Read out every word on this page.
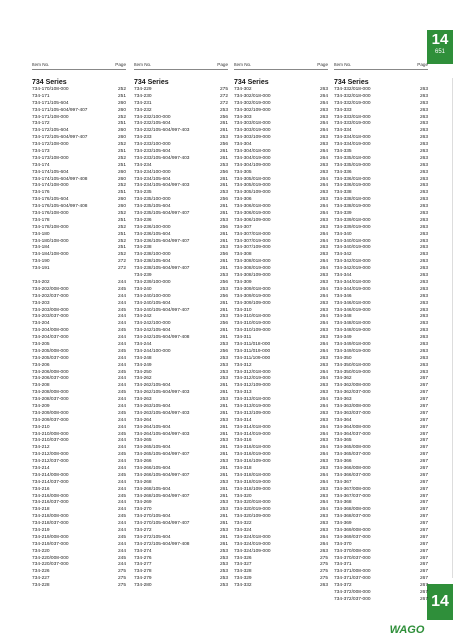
14
651
14
Item No.	Page
734 Series
734-170/108-000	252
734-171	251
734-171/105-604	260
734-171/105-604/997-407	260
734-171/108-000	252
734-172	251
734-172/105-604	260
734-172/105-604/997-407	260
734-172/108-000	252
734-173	251
734-173/108-000	252
734-174	251
734-174/105-604	260
734-174/105-604/997-408	260
734-174/108-000	252
734-176	251
734-176/105-604	260
734-176/105-604/997-408	260
734-176/108-000	252
734-178	251
734-178/108-000	252
734-180	251
734-180/108-000	252
734-184	251
734-184/108-000	252
734-190	272
734-191	272
734-202	244
734-202/008-000	245
734-202/037-000	244
734-203	244
734-203/008-000	245
734-203/037-000	244
734-204	244
734-204/008-000	245
734-204/037-000	244
734-205	244
734-205/008-000	245
734-205/037-000	244
734-206	244
734-206/008-000	245
734-206/037-000	244
734-208	244
734-208/008-000	245
734-208/037-000	244
734-209	244
734-209/008-000	245
734-209/037-000	244
734-210	244
734-210/008-000	245
734-210/037-000	244
734-212	244
734-212/008-000	245
734-212/037-000	244
734-214	244
734-214/008-000	245
734-214/037-000	244
734-216	244
734-216/008-000	245
734-216/037-000	244
734-218	244
734-218/008-000	245
734-218/037-000	244
734-219	244
734-219/008-000	245
734-219/037-000	244
734-220	244
734-220/008-000	245
734-220/037-000	244
734-226	275
734-227	275
734-228	275
Item No.	Page
734 Series
734-229	275
734-230	272
734-231	272
734-232	253
734-232/100-000	256
734-232/105-604	261
734-232/105-604/997-403	261
734-233	253
734-233/100-000	256
734-233/105-604	261
734-233/105-604/997-403	261
734-234	253
734-234/100-000	256
734-234/105-604	261
734-234/105-604/997-403	261
734-235	253
734-235/100-000	256
734-235/105-604	261
734-235/105-604/997-407	261
734-236	253
734-236/100-000	256
734-236/105-604	261
734-236/105-604/997-407	261
734-238	253
734-238/100-000	256
734-238/105-604	261
734-238/105-604/997-407	261
734-239	253
734-239/100-000	256
734-240	253
734-240/100-000	256
734-240/105-604	261
734-240/105-604/997-407	261
734-242	253
734-242/100-000	256
734-242/105-604	261
734-242/105-604/997-408	261
734-244	253
734-244/100-000	256
734-248	253
734-249	253
734-250	253
734-262	253
734-262/105-604	261
734-262/105-604/997-403	261
734-263	253
734-263/105-604	261
734-263/105-604/997-403	261
734-264	253
734-264/105-604	261
734-264/105-604/997-403	261
734-265	253
734-265/105-604	261
734-265/105-604/997-407	261
734-266	253
734-266/105-604	261
734-266/105-604/997-407	261
734-268	253
734-268/105-604	261
734-268/105-604/997-407	261
734-269	253
734-270	253
734-270/105-604	261
734-270/105-604/997-407	261
734-272	253
734-272/105-604	261
734-272/105-604/997-408	261
734-274	253
734-276	253
734-277	253
734-278	253
734-279	253
734-280	253
Item No.	Page
734 Series
734-302	263
734-302/018-000	264
734-302/019-000	264
734-302/109-000	263
734-303	263
734-303/018-000	264
734-303/019-000	264
734-303/109-000	263
734-304	263
734-304/018-000	264
734-304/019-000	264
734-304/109-000	263
734-305	263
734-305/018-000	264
734-305/019-000	264
734-305/109-000	263
734-306	263
734-306/018-000	264
734-306/019-000	264
734-306/109-000	263
734-307	263
734-307/018-000	264
734-307/019-000	264
734-307/109-000	263
734-308	263
734-308/018-000	264
734-308/019-000	264
734-308/109-000	263
734-309	263
734-309/018-000	264
734-309/019-000	264
734-309/109-000	263
734-310	263
734-310/018-000	264
734-310/019-000	264
734-310/109-000	263
734-311	263
734-311/018-000	264
734-311/019-000	264
734-311/109-000	263
734-312	263
734-312/018-000	264
734-312/019-000	264
734-312/109-000	263
734-313	263
734-313/018-000	264
734-313/019-000	264
734-313/109-000	263
734-314	263
734-314/018-000	264
734-314/019-000	264
734-316	263
734-316/018-000	264
734-316/019-000	264
734-316/109-000	263
734-318	263
734-318/018-000	264
734-318/019-000	264
734-318/109-000	263
734-320	263
734-320/018-000	264
734-320/019-000	264
734-320/109-000	263
734-322	263
734-324	263
734-324/018-000	264
734-324/019-000	264
734-324/109-000	263
734-326	275
734-327	275
734-328	275
734-329	275
734-332	263
Item No.	Page
734 Series
734-332/018-000	263
734-332/018-000	263
734-332/019-000	263
734-333	263
734-333/018-000	263
734-333/019-000	263
734-334	263
734-334/018-000	263
734-334/019-000	263
734-335	263
734-335/018-000	263
734-335/019-000	263
734-336	263
734-336/018-000	263
734-336/019-000	263
734-338	263
734-338/018-000	263
734-338/019-000	263
734-339	263
734-339/018-000	263
734-339/019-000	263
734-340	263
734-340/018-000	263
734-340/019-000	263
734-342	263
734-342/018-000	263
734-342/019-000	263
734-344	263
734-344/018-000	263
734-344/019-000	263
734-346	263
734-346/018-000	263
734-346/019-000	263
734-348	263
734-348/018-000	263
734-348/019-000	263
734-349	263
734-349/018-000	263
734-349/019-000	263
734-350	263
734-350/018-000	263
734-350/019-000	263
734-362	267
734-362/008-000	267
734-362/037-000	267
734-363	267
734-363/008-000	267
734-363/037-000	267
734-364	267
734-364/008-000	267
734-364/037-000	267
734-365	267
734-365/008-000	267
734-365/037-000	267
734-366	267
734-366/008-000	267
734-366/037-000	267
734-367	267
734-367/008-000	267
734-367/037-000	267
734-368	267
734-368/008-000	267
734-368/037-000	267
734-369	267
734-369/008-000	267
734-369/037-000	267
734-370	267
734-370/008-000	267
734-370/037-000	267
734-371	267
734-371/008-000	267
734-371/037-000	267
734-372	267
734-372/008-000	267
734-372/037-000	267
WAGO
